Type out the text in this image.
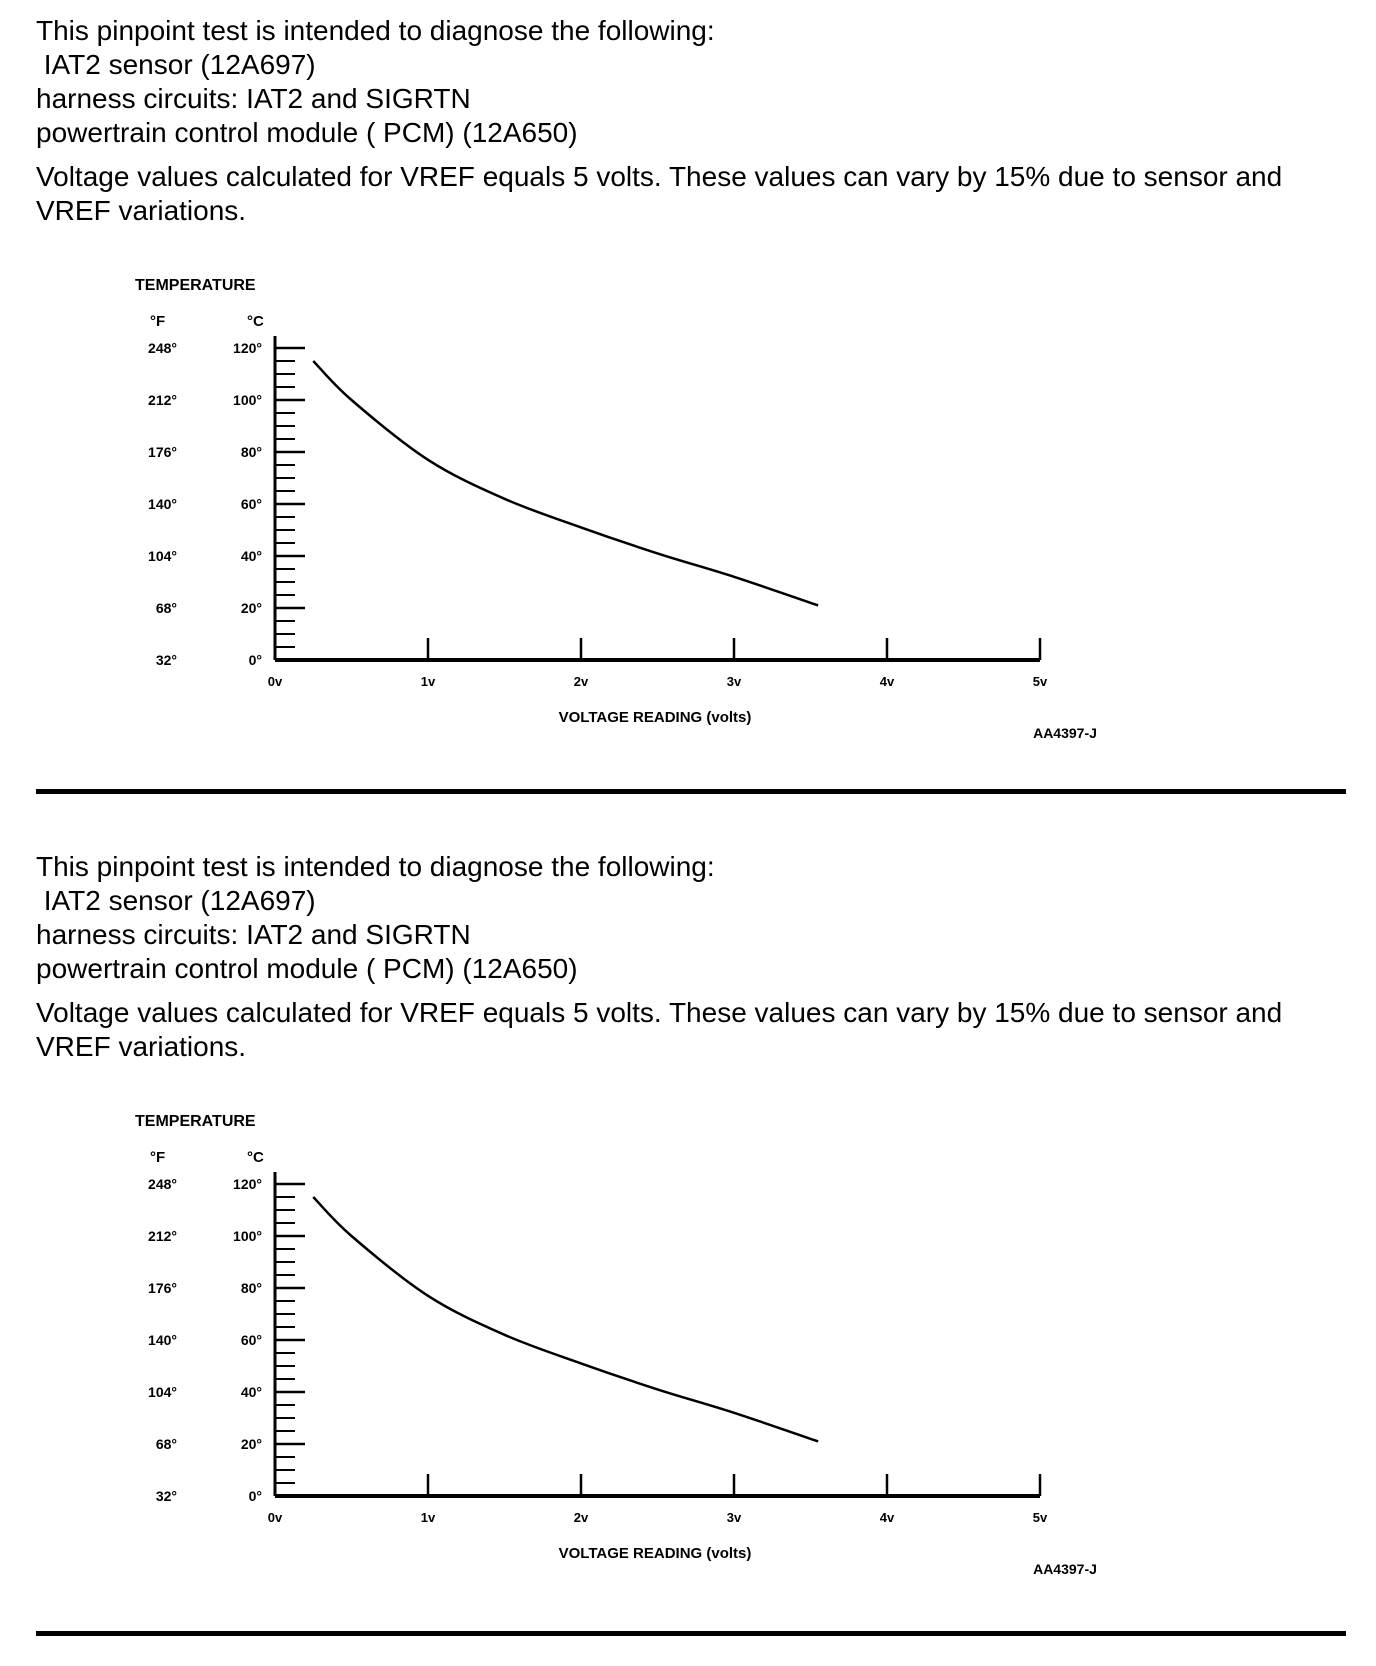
This pinpoint test is intended to diagnose the following:
IAT2 sensor (12A697)
harness circuits: IAT2 and SIGRTN
powertrain control module ( PCM) (12A650)
Voltage values calculated for VREF equals 5 volts. These values can vary by 15% due to sensor and VREF variations.
TEMPERATURE
°F	°C
0°
32°
20°
68°
40°
104°
60°
140°
80°
176°
100°
212°
120°
248°
0v	1v	2v	3v	4v	5v
VOLTAGE READING (volts)
AA4397-J
This pinpoint test is intended to diagnose the following:
IAT2 sensor (12A697)
harness circuits: IAT2 and SIGRTN
powertrain control module ( PCM) (12A650)
Voltage values calculated for VREF equals 5 volts. These values can vary by 15% due to sensor and VREF variations.
TEMPERATURE
°F	°C
0°
32°
20°
68°
40°
104°
60°
140°
80°
176°
100°
212°
120°
248°
0v	1v	2v	3v	4v	5v
VOLTAGE READING (volts)
AA4397-J
